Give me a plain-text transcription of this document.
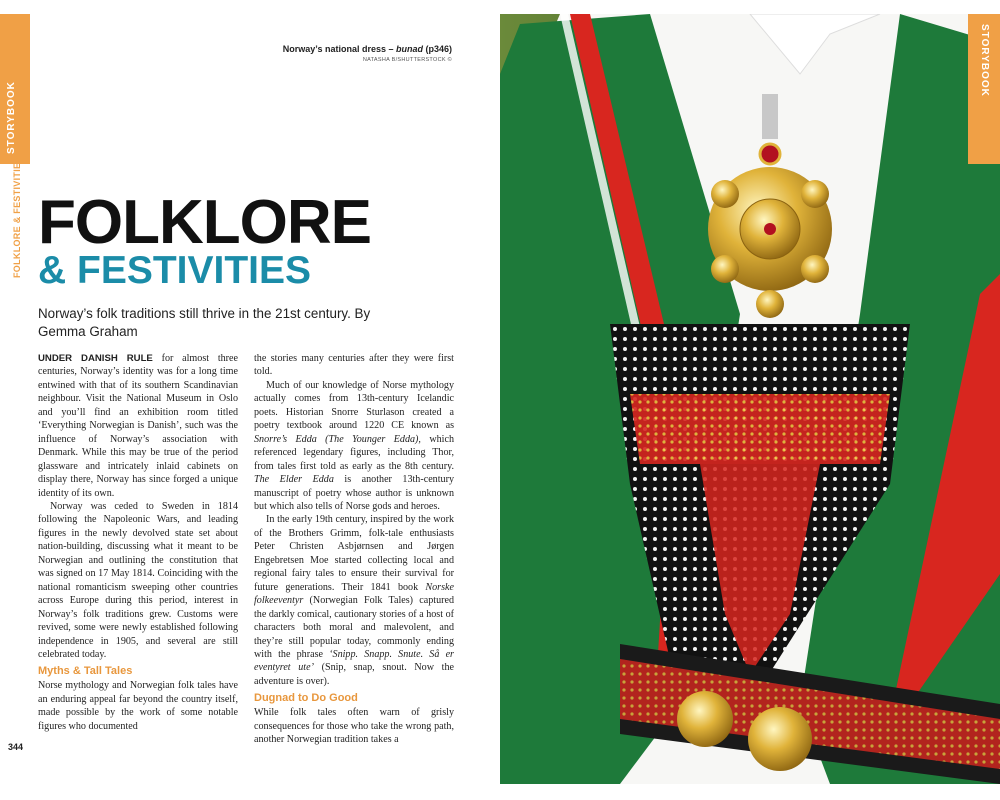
STORYBOOK
FOLKLORE & FESTIVITIES
Norway’s national dress – bunad (p346)
NATASHA B/SHUTTERSTOCK ©
FOLKLORE
& FESTIVITIES
Norway’s folk traditions still thrive in the 21st century. By Gemma Graham

UNDER DANISH RULE for almost three centuries, Norway’s identity was for a long time entwined with that of its southern Scandinavian neighbour. Visit the National Museum in Oslo and you’ll find an exhibition room titled ‘Everything Norwegian is Danish’, such was the influence of Norway’s association with Denmark. While this may be true of the period glassware and intricately inlaid cabinets on display there, Norway has since forged a unique identity of its own.

Norway was ceded to Sweden in 1814 following the Napoleonic Wars, and leading figures in the newly devolved state set about nation-building, discussing what it meant to be Norwegian and outlining the constitution that was signed on 17 May 1814. Coinciding with the national romanticism sweeping other countries across Europe during this period, interest in Norway’s folk traditions grew. Customs were revived, some were newly established following independence in 1905, and several are still celebrated today.

Myths & Tall Tales

Norse mythology and Norwegian folk tales have an enduring appeal far beyond the country itself, made possible by the work of some notable figures who documented

the stories many centuries after they were first told.

Much of our knowledge of Norse mythology actually comes from 13th-century Icelandic poets. Historian Snorre Sturlason created a poetry textbook around 1220 CE known as Snorre’s Edda (The Younger Edda), which referenced legendary figures, including Thor, from tales first told as early as the 8th century. The Elder Edda is another 13th-century manuscript of poetry whose author is unknown but which also tells of Norse gods and heroes.

In the early 19th century, inspired by the work of the Brothers Grimm, folk-tale enthusiasts Peter Christen Asbjørnsen and Jørgen Engebretsen Moe started collecting local and regional fairy tales to ensure their survival for future generations. Their 1841 book Norske folkeeventyr (Norwegian Folk Tales) captured the darkly comical, cautionary stories of a host of characters both moral and malevolent, and they’re still popular today, commonly ending with the phrase ‘Snipp. Snapp. Snute. Så er eventyret ute’ (Snip, snap, snout. Now the adventure is over).

Dugnad to Do Good

While folk tales often warn of grisly consequences for those who take the wrong path, another Norwegian tradition takes a

344
STORYBOOK
